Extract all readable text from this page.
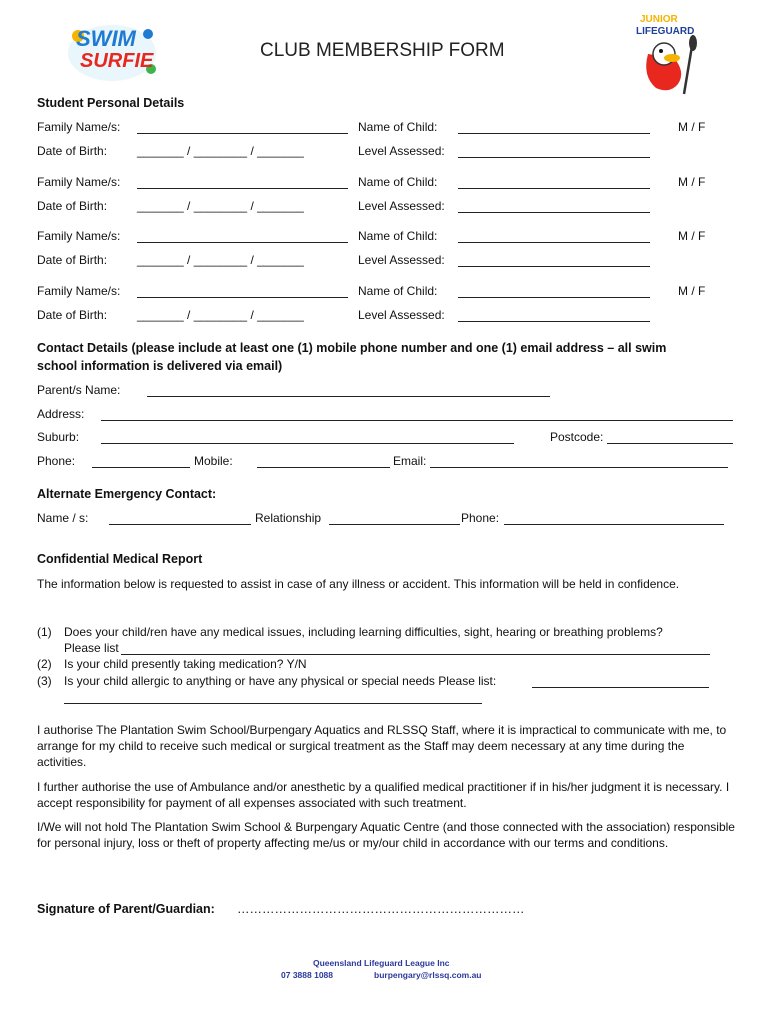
SWIM
SURFIE	CLUB MEMBERSHIP FORM
JUNIOR
LIFEGUARD
Student Personal Details
Family Name/s:	Name of Child:	M / F
Date of Birth: _______ / ________ / _______	Level Assessed:
Family Name/s:	Name of Child:	M / F
Date of Birth: _______ / ________ / _______	Level Assessed:
Family Name/s:	Name of Child:	M / F
Date of Birth: _______ / ________ / _______	Level Assessed:
Family Name/s:	Name of Child:	M / F
Date of Birth: _______ / ________ / _______	Level Assessed:
Contact Details (please include at least one (1) mobile phone number and one (1) email address – all swim
school information is delivered via email)
Parent/s Name:
Address:
Suburb:	Postcode:
Phone:	Mobile:	Email:
Alternate Emergency Contact:
Name / s:	Relationship	Phone:
Confidential Medical Report
The information below is requested to assist in case of any illness or accident. This information will be held in confidence.
(1) Does your child/ren have any medical issues, including learning difficulties, sight, hearing or breathing problems?
Please list
(2) Is your child presently taking medication? Y/N
(3) Is your child allergic to anything or have any physical or special needs Please list:
I authorise The Plantation Swim School/Burpengary Aquatics and RLSSQ Staff, where it is impractical to communicate with me, to arrange for my child to receive such medical or surgical treatment as the Staff may deem necessary at any time during the activities.
I further authorise the use of Ambulance and/or anesthetic by a qualified medical practitioner if in his/her judgment it is necessary. I accept responsibility for payment of all expenses associated with such treatment.
I/We will not hold The Plantation Swim School & Burpengary Aquatic Centre (and those connected with the association) responsible for personal injury, loss or theft of property affecting me/us or my/our child in accordance with our terms and conditions.
Signature of Parent/Guardian: ……………………………………………………………
Queensland Lifeguard League Inc
07 3888 1088	burpengary@rlssq.com.au
